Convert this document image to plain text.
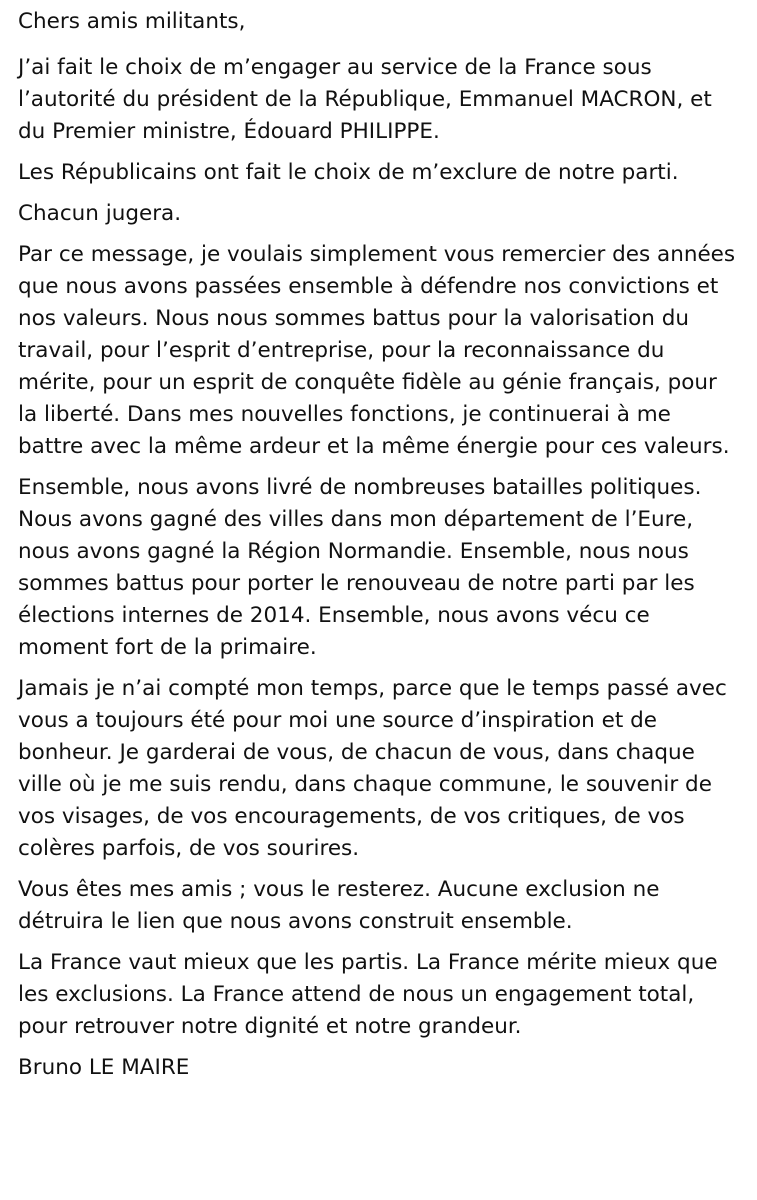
Chers amis militants,

J’ai fait le choix de m’engager au service de la France sous l’autorité du président de la République, Emmanuel MACRON, et du Premier ministre, Édouard PHILIPPE.

Les Républicains ont fait le choix de m’exclure de notre parti.

Chacun jugera.

Par ce message, je voulais simplement vous remercier des années que nous avons passées ensemble à défendre nos convictions et nos valeurs. Nous nous sommes battus pour la valorisation du travail, pour l’esprit d’entreprise, pour la reconnaissance du mérite, pour un esprit de conquête fidèle au génie français, pour la liberté. Dans mes nouvelles fonctions, je continuerai à me battre avec la même ardeur et la même énergie pour ces valeurs.

Ensemble, nous avons livré de nombreuses batailles politiques. Nous avons gagné des villes dans mon département de l’Eure, nous avons gagné la Région Normandie. Ensemble, nous nous sommes battus pour porter le renouveau de notre parti par les élections internes de 2014. Ensemble, nous avons vécu ce moment fort de la primaire.

Jamais je n’ai compté mon temps, parce que le temps passé avec vous a toujours été pour moi une source d’inspiration et de bonheur. Je garderai de vous, de chacun de vous, dans chaque ville où je me suis rendu, dans chaque commune, le souvenir de vos visages, de vos encouragements, de vos critiques, de vos colères parfois, de vos sourires.

Vous êtes mes amis ; vous le resterez. Aucune exclusion ne détruira le lien que nous avons construit ensemble.

La France vaut mieux que les partis. La France mérite mieux que les exclusions. La France attend de nous un engagement total, pour retrouver notre dignité et notre grandeur.

Bruno LE MAIRE
